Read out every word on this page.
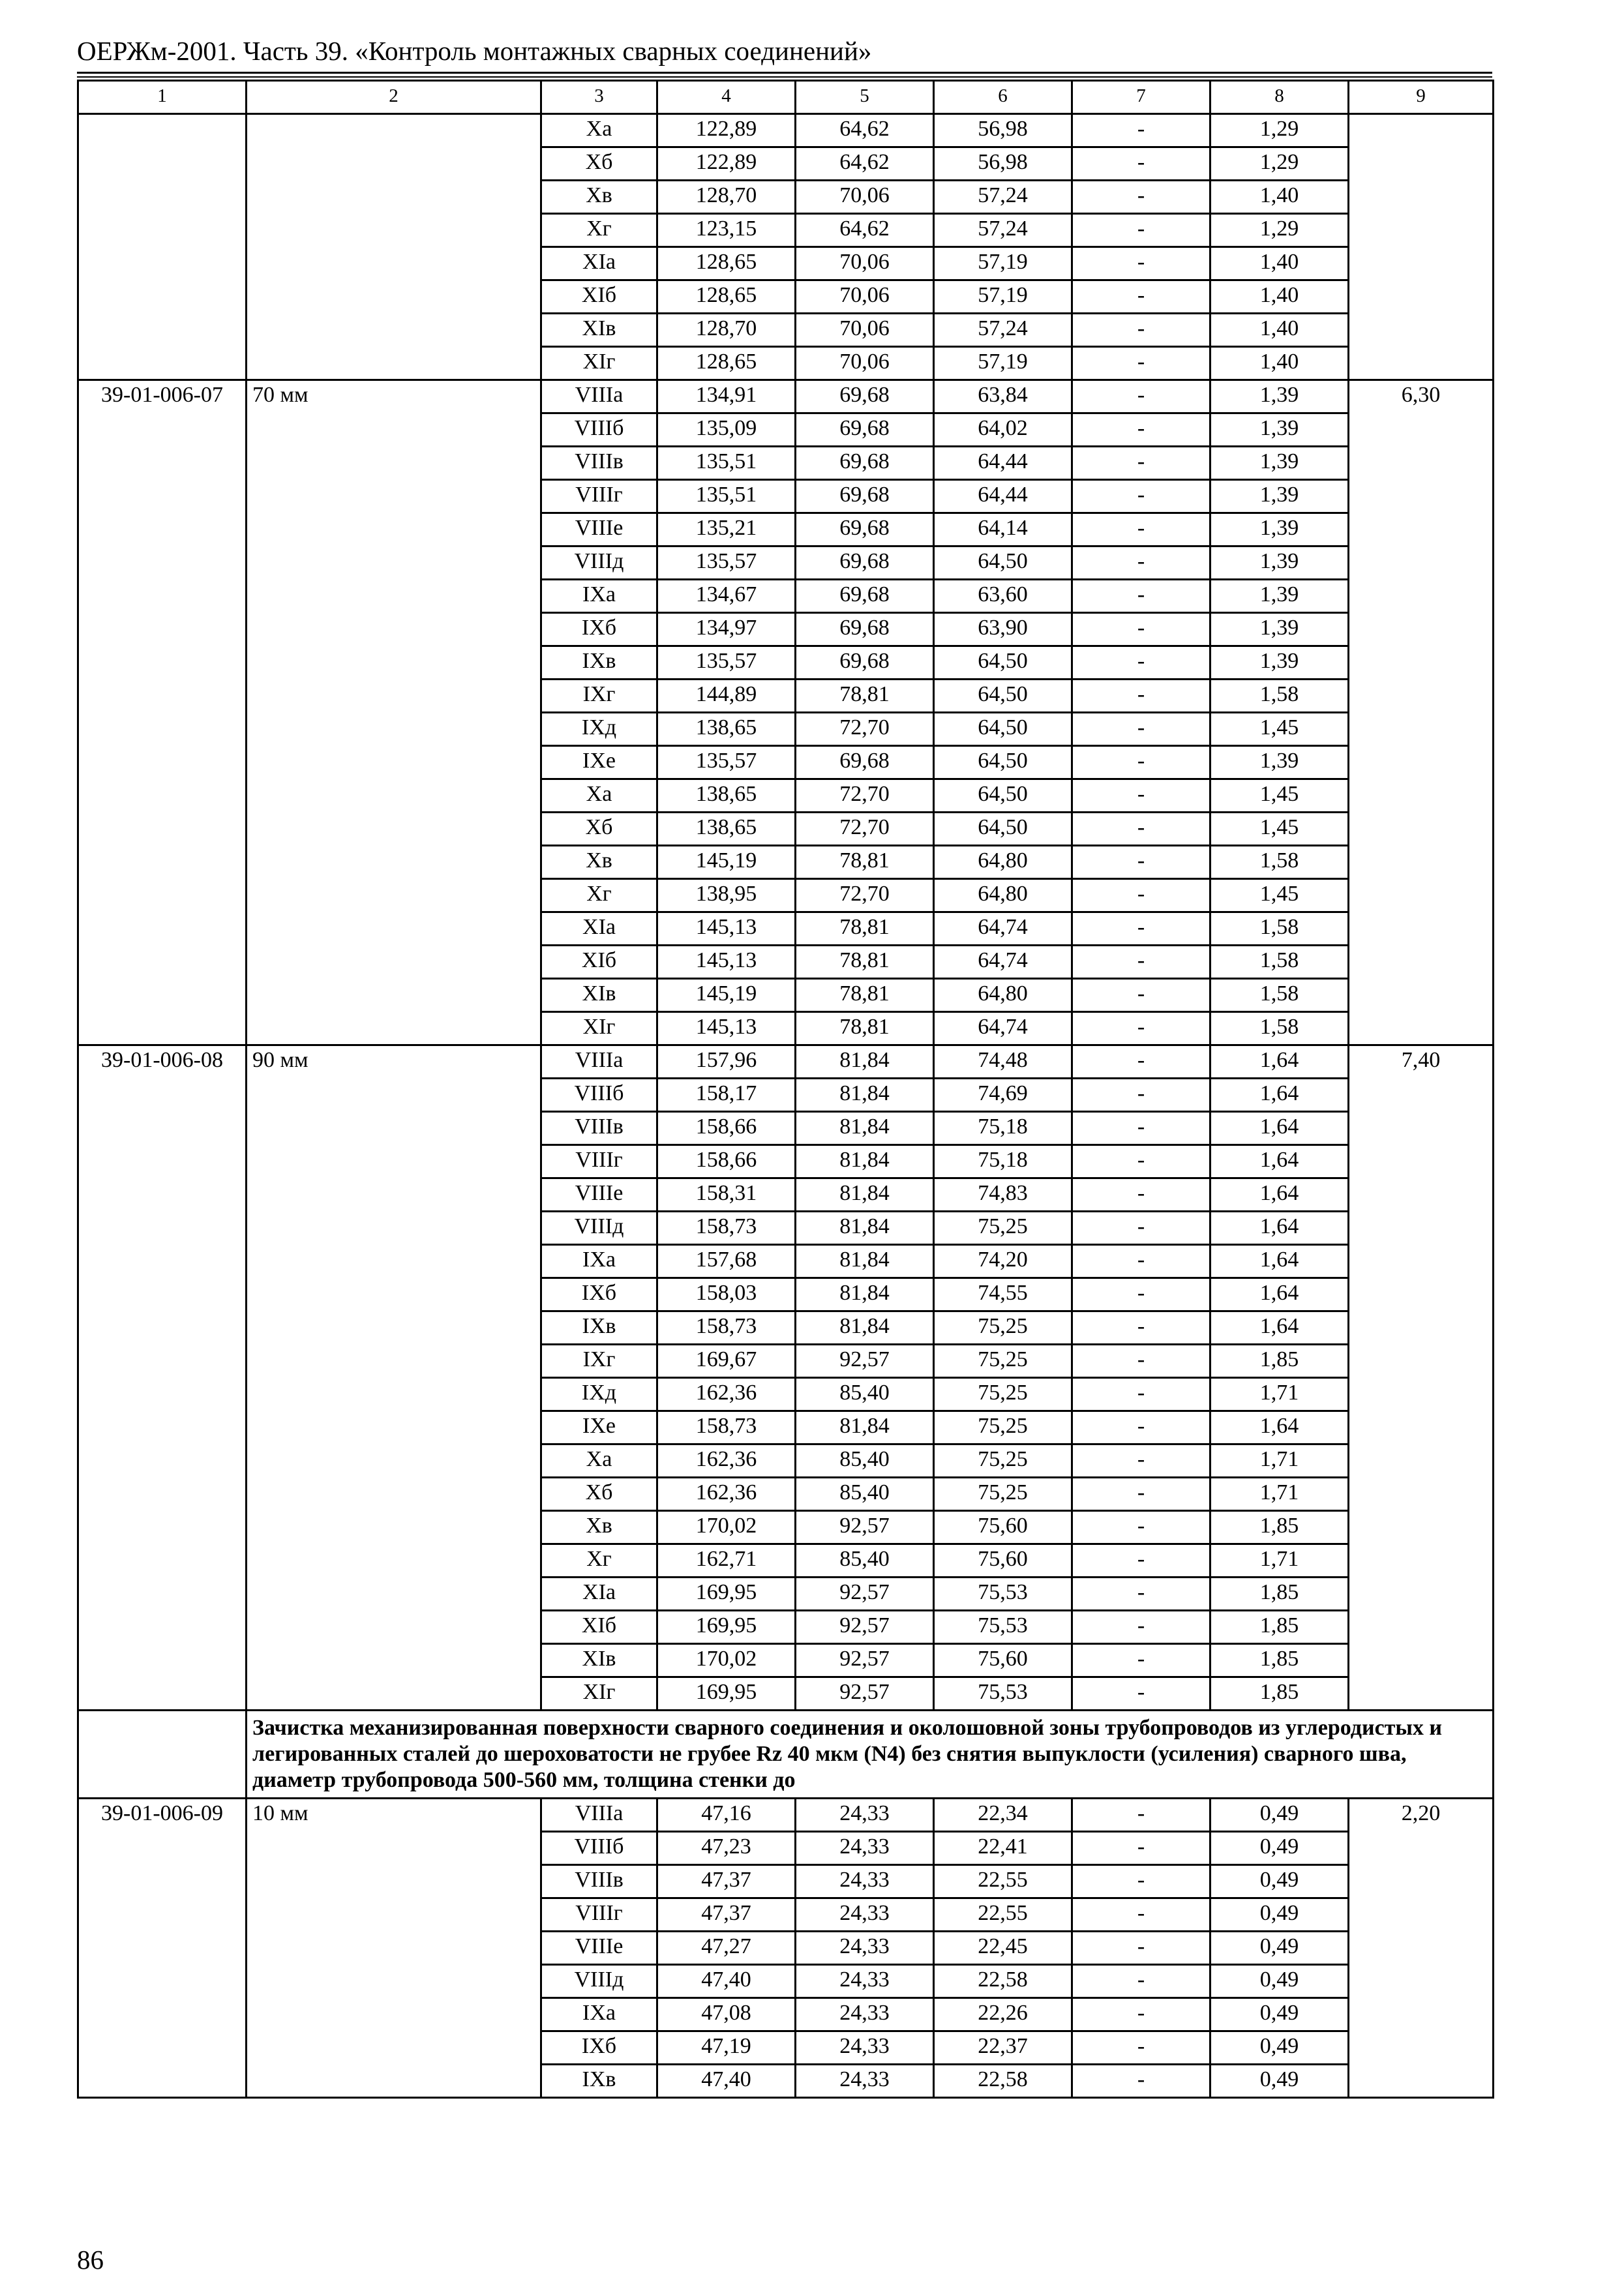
ОЕРЖм-2001. Часть 39. «Контроль монтажных сварных соединений»
1	2	3	4	5	6	7	8	9
		Ха	122,89	64,62	56,98	-	1,29	
		Хб	122,89	64,62	56,98	-	1,29	
		Хв	128,70	70,06	57,24	-	1,40	
		Хг	123,15	64,62	57,24	-	1,29	
		ХIа	128,65	70,06	57,19	-	1,40	
		ХIб	128,65	70,06	57,19	-	1,40	
		ХIв	128,70	70,06	57,24	-	1,40	
		ХIг	128,65	70,06	57,19	-	1,40	
39-01-006-07	70 мм	VIIIа	134,91	69,68	63,84	-	1,39	6,30
		VIIIб	135,09	69,68	64,02	-	1,39	
		VIIIв	135,51	69,68	64,44	-	1,39	
		VIIIг	135,51	69,68	64,44	-	1,39	
		VIIIе	135,21	69,68	64,14	-	1,39	
		VIIIд	135,57	69,68	64,50	-	1,39	
		IХа	134,67	69,68	63,60	-	1,39	
		IХб	134,97	69,68	63,90	-	1,39	
		IХв	135,57	69,68	64,50	-	1,39	
		IХг	144,89	78,81	64,50	-	1,58	
		IХд	138,65	72,70	64,50	-	1,45	
		IХе	135,57	69,68	64,50	-	1,39	
		Ха	138,65	72,70	64,50	-	1,45	
		Хб	138,65	72,70	64,50	-	1,45	
		Хв	145,19	78,81	64,80	-	1,58	
		Хг	138,95	72,70	64,80	-	1,45	
		ХIа	145,13	78,81	64,74	-	1,58	
		ХIб	145,13	78,81	64,74	-	1,58	
		ХIв	145,19	78,81	64,80	-	1,58	
		ХIг	145,13	78,81	64,74	-	1,58	
39-01-006-08	90 мм	VIIIа	157,96	81,84	74,48	-	1,64	7,40
		VIIIб	158,17	81,84	74,69	-	1,64	
		VIIIв	158,66	81,84	75,18	-	1,64	
		VIIIг	158,66	81,84	75,18	-	1,64	
		VIIIе	158,31	81,84	74,83	-	1,64	
		VIIIд	158,73	81,84	75,25	-	1,64	
		IХа	157,68	81,84	74,20	-	1,64	
		IХб	158,03	81,84	74,55	-	1,64	
		IХв	158,73	81,84	75,25	-	1,64	
		IХг	169,67	92,57	75,25	-	1,85	
		IХд	162,36	85,40	75,25	-	1,71	
		IХе	158,73	81,84	75,25	-	1,64	
		Ха	162,36	85,40	75,25	-	1,71	
		Хб	162,36	85,40	75,25	-	1,71	
		Хв	170,02	92,57	75,60	-	1,85	
		Хг	162,71	85,40	75,60	-	1,71	
		ХIа	169,95	92,57	75,53	-	1,85	
		ХIб	169,95	92,57	75,53	-	1,85	
		ХIв	170,02	92,57	75,60	-	1,85	
		ХIг	169,95	92,57	75,53	-	1,85	
	Зачистка механизированная поверхности сварного соединения и околошовной зоны трубопроводов из углеродистых и легированных сталей до шероховатости не грубее Rz 40 мкм (N4) без снятия выпуклости (усиления) сварного шва, диаметр трубопровода 500-560 мм, толщина стенки до							
39-01-006-09	10 мм	VIIIа	47,16	24,33	22,34	-	0,49	2,20
		VIIIб	47,23	24,33	22,41	-	0,49	
		VIIIв	47,37	24,33	22,55	-	0,49	
		VIIIг	47,37	24,33	22,55	-	0,49	
		VIIIе	47,27	24,33	22,45	-	0,49	
		VIIIд	47,40	24,33	22,58	-	0,49	
		IХа	47,08	24,33	22,26	-	0,49	
		IХб	47,19	24,33	22,37	-	0,49	
		IХв	47,40	24,33	22,58	-	0,49	
86
